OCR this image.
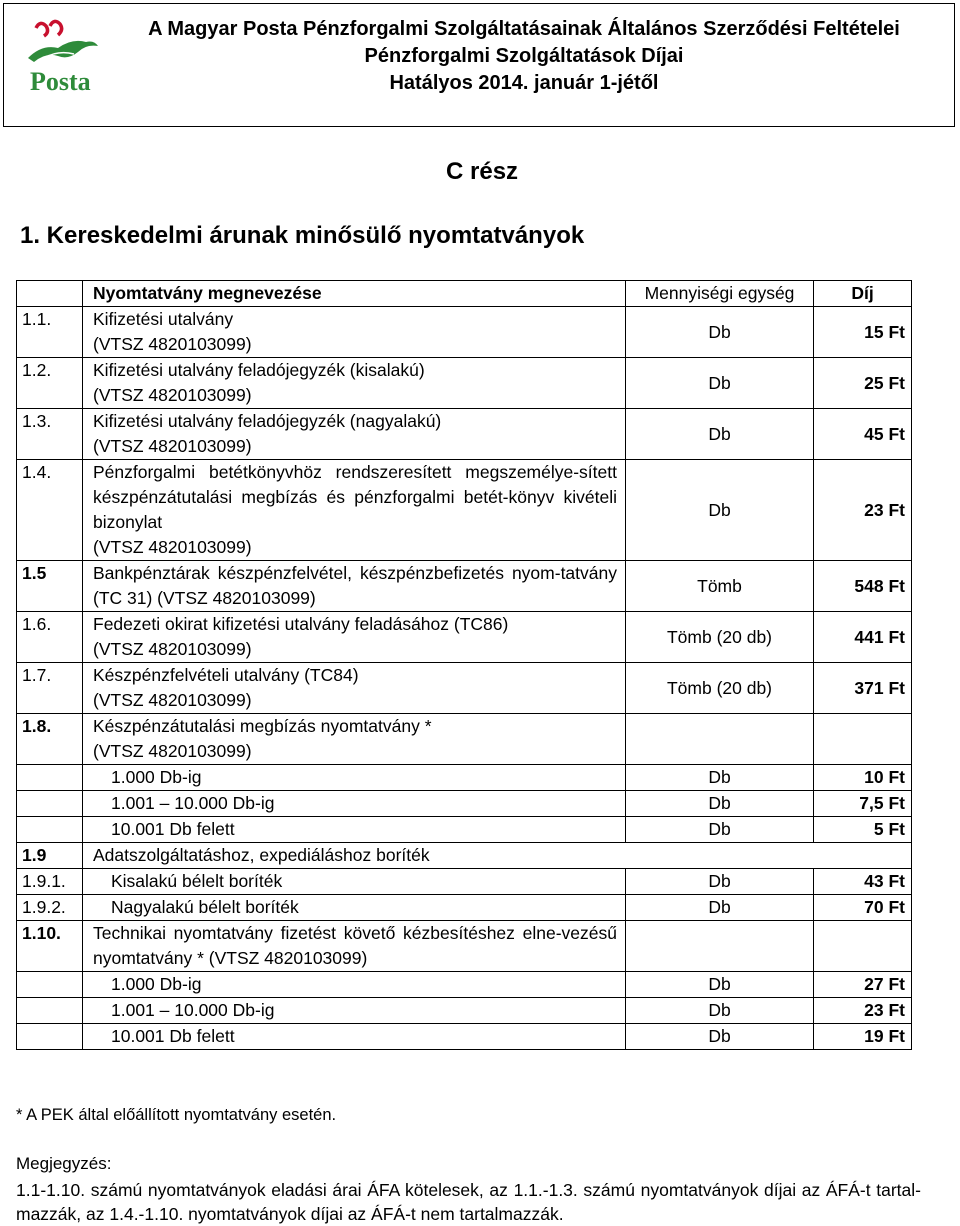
Posta
A Magyar Posta Pénzforgalmi Szolgáltatásainak Általános Szerződési Feltételei
Pénzforgalmi Szolgáltatások Díjai
Hatályos 2014. január 1-jétől
C rész
1. Kereskedelmi árunak minősülő nyomtatványok
	Nyomtatvány megnevezése	Mennyiségi egység	Díj
1.1.	Kifizetési utalvány
(VTSZ 4820103099)	Db	15 Ft
1.2.	Kifizetési utalvány feladójegyzék (kisalakú)
(VTSZ 4820103099)	Db	25 Ft
1.3.	Kifizetési utalvány feladójegyzék (nagyalakú)
(VTSZ 4820103099)	Db	45 Ft
1.4.	Pénzforgalmi betétkönyvhöz rendszeresített megszemélye-sített készpénzátutalási megbízás és pénzforgalmi betét-könyv kivételi bizonylat
(VTSZ 4820103099)	Db	23 Ft
1.5	Bankpénztárak készpénzfelvétel, készpénzbefizetés nyom-tatvány (TC 31) (VTSZ 4820103099)	Tömb	548 Ft
1.6.	Fedezeti okirat kifizetési utalvány feladásához (TC86)
(VTSZ 4820103099)	Tömb (20 db)	441 Ft
1.7.	Készpénzfelvételi utalvány (TC84)
(VTSZ 4820103099)	Tömb (20 db)	371 Ft
1.8.	Készpénzátutalási megbízás nyomtatvány *
(VTSZ 4820103099)		

	1.000 Db-ig	Db	10 Ft
	1.001 – 10.000 Db-ig	Db	7,5 Ft
	10.001 Db felett	Db	5 Ft
1.9	Adatszolgáltatáshoz, expediáláshoz boríték		
1.9.1.	Kisalakú bélelt boríték	Db	43 Ft
1.9.2.	Nagyalakú bélelt boríték	Db	70 Ft
1.10.	Technikai nyomtatvány fizetést követő kézbesítéshez elne-vezésű nyomtatvány * (VTSZ 4820103099)		

	1.000 Db-ig	Db	27 Ft
	1.001 – 10.000 Db-ig	Db	23 Ft
	10.001 Db felett	Db	19 Ft
* A PEK által előállított nyomtatvány esetén.
Megjegyzés:
1.1-1.10. számú nyomtatványok eladási árai ÁFA kötelesek, az 1.1.-1.3. számú nyomtatványok díjai az ÁFÁ-t tartal-mazzák, az 1.4.-1.10. nyomtatványok díjai az ÁFÁ-t nem tartalmazzák.
